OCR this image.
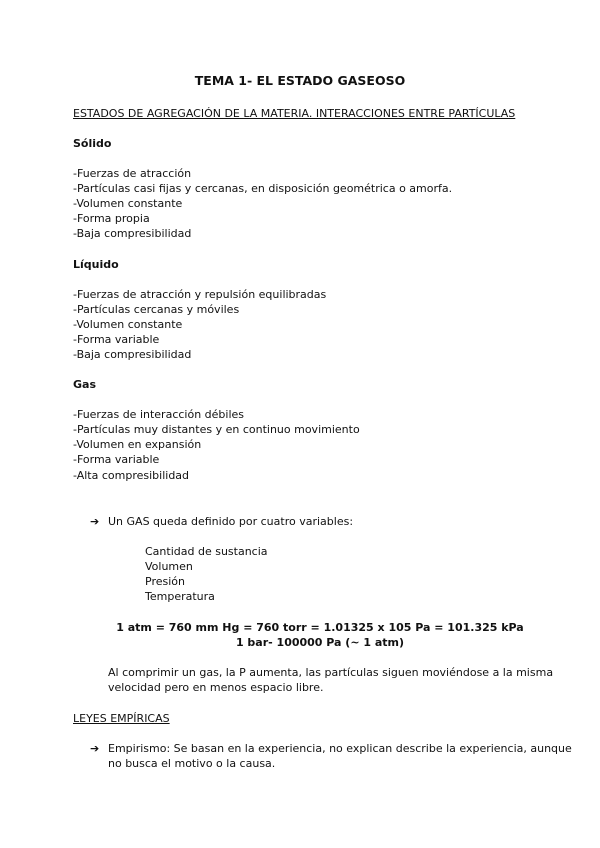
TEMA 1- EL ESTADO GASEOSO
ESTADOS DE AGREGACIÓN DE LA MATERIA. INTERACCIONES ENTRE PARTÍCULAS
Sólido
-Fuerzas de atracción
-Partículas casi fijas y cercanas, en disposición geométrica o amorfa.
-Volumen constante
-Forma propia
-Baja compresibilidad
Líquido
-Fuerzas de atracción y repulsión equilibradas
-Partículas cercanas y móviles
-Volumen constante
-Forma variable
-Baja compresibilidad
Gas
-Fuerzas de interacción débiles
-Partículas muy distantes y en continuo movimiento
-Volumen en expansión
-Forma variable
-Alta compresibilidad
➔ Un GAS queda definido por cuatro variables:
Cantidad de sustancia
Volumen
Presión
Temperatura
1 atm = 760 mm Hg = 760 torr = 1.01325 x 105 Pa = 101.325 kPa
1 bar- 100000 Pa (~ 1 atm)
Al comprimir un gas, la P aumenta, las partículas siguen moviéndose a la misma
velocidad pero en menos espacio libre.
LEYES EMPÍRICAS
➔ Empirismo: Se basan en la experiencia, no explican describe la experiencia, aunque
no busca el motivo o la causa.
